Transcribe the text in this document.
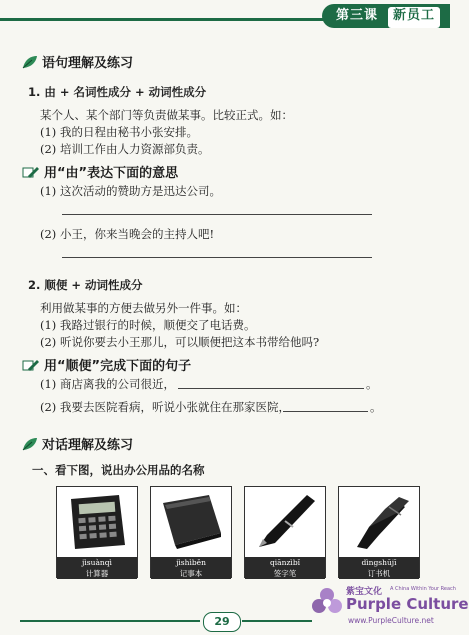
第三课	新员工
语句理解及练习
1. 由 + 名词性成分 + 动词性成分
某个人、某个部门等负责做某事。比较正式。如：
(1) 我的日程由秘书小张安排。
(2) 培训工作由人力资源部负责。
用“由”表达下面的意思
(1) 这次活动的赞助方是迅达公司。
(2) 小王，你来当晚会的主持人吧!
2. 顺便 + 动词性成分
利用做某事的方便去做另外一件事。如：
(1) 我路过银行的时候，顺便交了电话费。
(2) 听说你要去小王那儿，可以顺便把这本书带给他吗?
用“顺便”完成下面的句子
(1) 商店离我的公司很近，	。
(2) 我要去医院看病，听说小张就住在那家医院，	。
对话理解及练习
一、看下图，说出办公用品的名称
jìsuànqì
计算器
jìshìběn
记事本
qiānzìbǐ
签字笔
dìngshūjī
订书机
29
紫宝文化 A China Within Your Reach
Purple Culture
www.PurpleCulture.net
